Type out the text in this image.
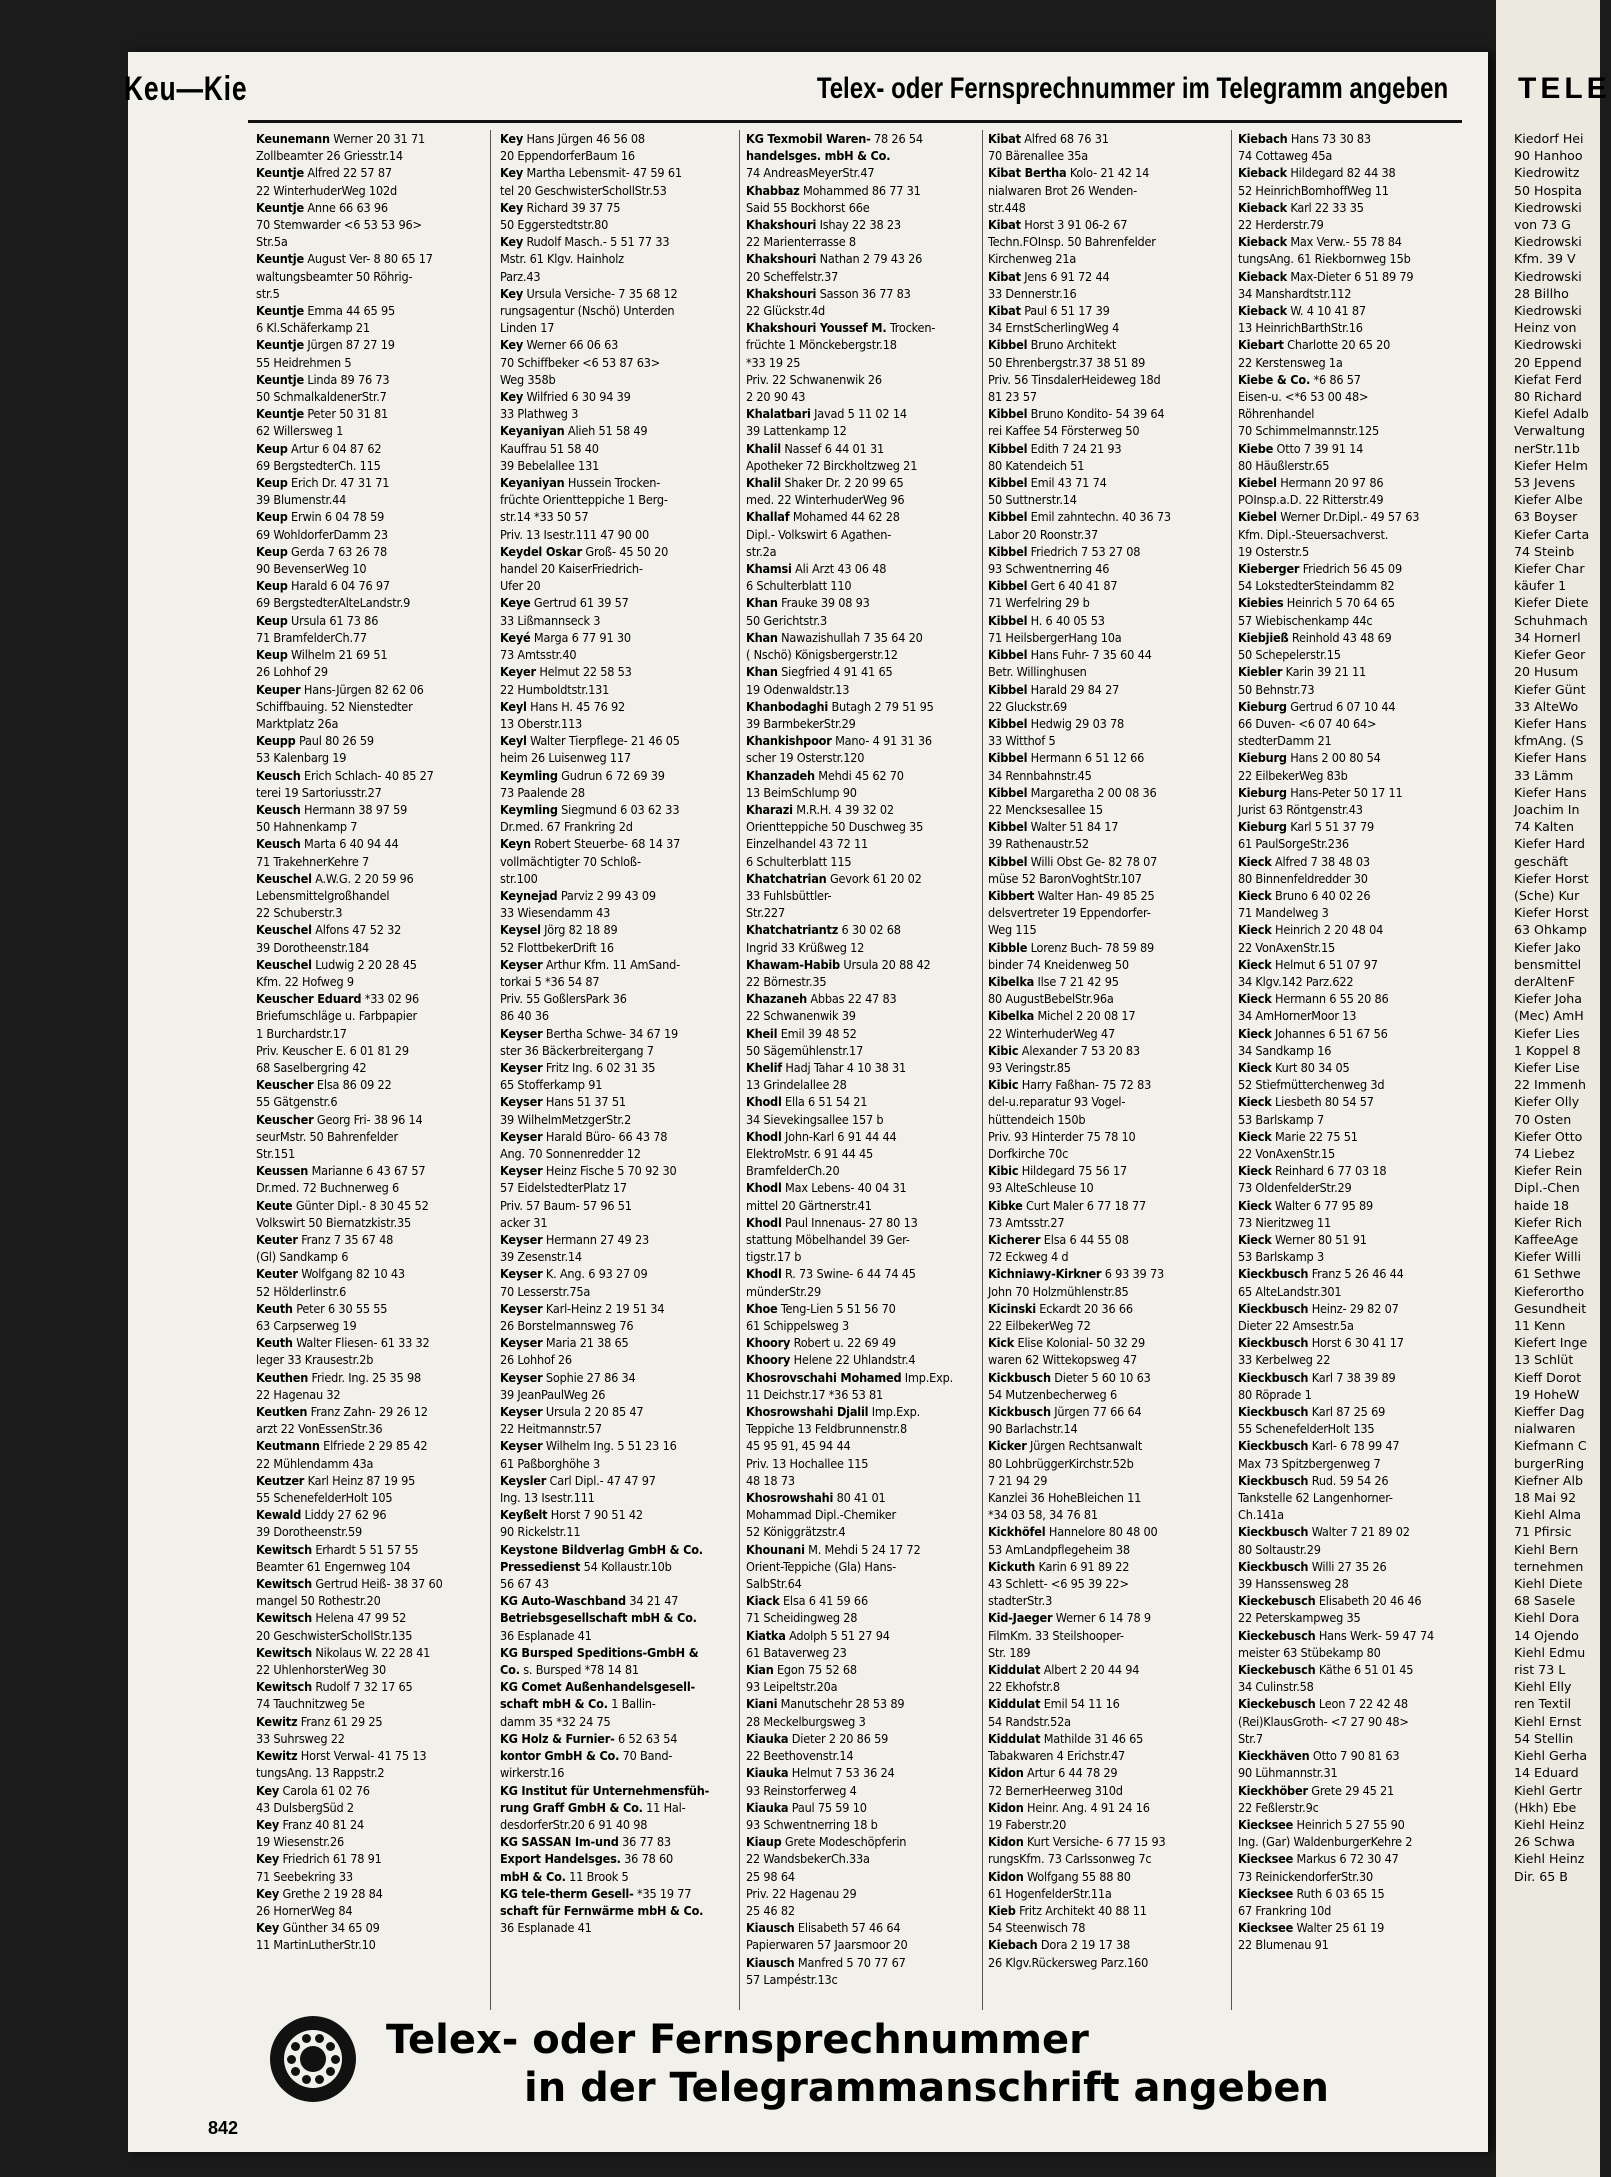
Keu—Kie	Telex- oder Fernsprechnummer im Telegramm angeben
Keunemann Werner 20 31 71
Zollbeamter 26 Griesstr.14
Keuntje Alfred 22 57 87
22 WinterhuderWeg 102d
Keuntje Anne 66 63 96
70 Stemwarder <6 53 53 96>
Str.5a
Keuntje August Ver- 8 80 65 17
waltungsbeamter 50 Röhrig-
str.5
Keuntje Emma 44 65 95
6 Kl.Schäferkamp 21
Keuntje Jürgen 87 27 19
55 Heidrehmen 5
Keuntje Linda 89 76 73
50 SchmalkaldenerStr.7
Keuntje Peter 50 31 81
62 Willersweg 1
Keup Artur 6 04 87 62
69 BergstedterCh. 115
Keup Erich Dr. 47 31 71
39 Blumenstr.44
Keup Erwin 6 04 78 59
69 WohldorferDamm 23
Keup Gerda 7 63 26 78
90 BevenserWeg 10
Keup Harald 6 04 76 97
69 BergstedterAlteLandstr.9
Keup Ursula 61 73 86
71 BramfelderCh.77
Keup Wilhelm 21 69 51
26 Lohhof 29
Keuper Hans-Jürgen 82 62 06
Schiffbauing. 52 Nienstedter
Marktplatz 26a
Keupp Paul 80 26 59
53 Kalenbarg 19
Keusch Erich Schlach- 40 85 27
terei 19 Sartoriusstr.27
Keusch Hermann 38 97 59
50 Hahnenkamp 7
Keusch Marta 6 40 94 44
71 TrakehnerKehre 7
Keuschel A.W.G. 2 20 59 96
Lebensmittelgroßhandel
22 Schuberstr.3
Keuschel Alfons 47 52 32
39 Dorotheenstr.184
Keuschel Ludwig 2 20 28 45
Kfm. 22 Hofweg 9
Keuscher Eduard *33 02 96
Briefumschläge u. Farbpapier
1 Burchardstr.17
Priv. Keuscher E. 6 01 81 29
68 Saselbergring 42
Keuscher Elsa 86 09 22
55 Gätgenstr.6
Keuscher Georg Fri- 38 96 14
seurMstr. 50 Bahrenfelder
Str.151
Keussen Marianne 6 43 67 57
Dr.med. 72 Buchnerweg 6
Keute Günter Dipl.- 8 30 45 52
Volkswirt 50 Biernatzkistr.35
Keuter Franz 7 35 67 48
(Gl) Sandkamp 6
Keuter Wolfgang 82 10 43
52 Hölderlinstr.6
Keuth Peter 6 30 55 55
63 Carpserweg 19
Keuth Walter Fliesen- 61 33 32
leger 33 Krausestr.2b
Keuthen Friedr. Ing. 25 35 98
22 Hagenau 32
Keutken Franz Zahn- 29 26 12
arzt 22 VonEssenStr.36
Keutmann Elfriede 2 29 85 42
22 Mühlendamm 43a
Keutzer Karl Heinz 87 19 95
55 SchenefelderHolt 105
Kewald Liddy 27 62 96
39 Dorotheenstr.59
Kewitsch Erhardt 5 51 57 55
Beamter 61 Engernweg 104
Kewitsch Gertrud Heiß- 38 37 60
mangel 50 Rothestr.20
Kewitsch Helena 47 99 52
20 GeschwisterSchollStr.135
Kewitsch Nikolaus W. 22 28 41
22 UhlenhorsterWeg 30
Kewitsch Rudolf 7 32 17 65
74 Tauchnitzweg 5e
Kewitz Franz 61 29 25
33 Suhrsweg 22
Kewitz Horst Verwal- 41 75 13
tungsAng. 13 Rappstr.2
Key Carola 61 02 76
43 DulsbergSüd 2
Key Franz 40 81 24
19 Wiesenstr.26
Key Friedrich 61 78 91
71 Seebekring 33
Key Grethe 2 19 28 84
26 HornerWeg 84
Key Günther 34 65 09
11 MartinLutherStr.10
Key Hans Jürgen 46 56 08
20 EppendorferBaum 16
Key Martha Lebensmit- 47 59 61
tel 20 GeschwisterSchollStr.53
Key Richard 39 37 75
50 Eggerstedtstr.80
Key Rudolf Masch.- 5 51 77 33
Mstr. 61 Klgv. Hainholz
Parz.43
Key Ursula Versiche- 7 35 68 12
rungsagentur (Nschö) Unterden
Linden 17
Key Werner 66 06 63
70 Schiffbeker <6 53 87 63>
Weg 358b
Key Wilfried 6 30 94 39
33 Plathweg 3
Keyaniyan Alieh 51 58 49
Kauffrau 51 58 40
39 Bebelallee 131
Keyaniyan Hussein Trocken-
früchte Orientteppiche 1 Berg-
str.14 *33 50 57
Priv. 13 Isestr.111 47 90 00
Keydel Oskar Groß- 45 50 20
handel 20 KaiserFriedrich-
Ufer 20
Keye Gertrud 61 39 57
33 Lißmannseck 3
Keyé Marga 6 77 91 30
73 Amtsstr.40
Keyer Helmut 22 58 53
22 Humboldtstr.131
Keyl Hans H. 45 76 92
13 Oberstr.113
Keyl Walter Tierpflege- 21 46 05
heim 26 Luisenweg 117
Keymling Gudrun 6 72 69 39
73 Paalende 28
Keymling Siegmund 6 03 62 33
Dr.med. 67 Frankring 2d
Keyn Robert Steuerbe- 68 14 37
vollmächtigter 70 Schloß-
str.100
Keynejad Parviz 2 99 43 09
33 Wiesendamm 43
Keysel Jörg 82 18 89
52 FlottbekerDrift 16
Keyser Arthur Kfm. 11 AmSand-
torkai 5 *36 54 87
Priv. 55 GoßlersPark 36
86 40 36
Keyser Bertha Schwe- 34 67 19
ster 36 Bäckerbreitergang 7
Keyser Fritz Ing. 6 02 31 35
65 Stofferkamp 91
Keyser Hans 51 37 51
39 WilhelmMetzgerStr.2
Keyser Harald Büro- 66 43 78
Ang. 70 Sonnenredder 12
Keyser Heinz Fische 5 70 92 30
57 EidelstedterPlatz 17
Priv. 57 Baum- 57 96 51
acker 31
Keyser Hermann 27 49 23
39 Zesenstr.14
Keyser K. Ang. 6 93 27 09
70 Lesserstr.75a
Keyser Karl-Heinz 2 19 51 34
26 Borstelmannsweg 76
Keyser Maria 21 38 65
26 Lohhof 26
Keyser Sophie 27 86 34
39 JeanPaulWeg 26
Keyser Ursula 2 20 85 47
22 Heitmannstr.57
Keyser Wilhelm Ing. 5 51 23 16
61 Paßborghöhe 3
Keysler Carl Dipl.- 47 47 97
Ing. 13 Isestr.111
Keyßelt Horst 7 90 51 42
90 Rickelstr.11
Keystone Bildverlag GmbH & Co.
Pressedienst 54 Kollaustr.10b
56 67 43
KG Auto-Waschband 34 21 47
Betriebsgesellschaft mbH & Co.
36 Esplanade 41
KG Bursped Speditions-GmbH &
Co. s. Bursped *78 14 81
KG Comet Außenhandelsgesell-
schaft mbH & Co. 1 Ballin-
damm 35 *32 24 75
KG Holz & Furnier- 6 52 63 54
kontor GmbH & Co. 70 Band-
wirkerstr.16
KG Institut für Unternehmensfüh-
rung Graff GmbH & Co. 11 Hal-
desdorferStr.20 6 91 40 98
KG SASSAN Im-und 36 77 83
Export Handelsges. 36 78 60
mbH & Co. 11 Brook 5
KG tele-therm Gesell- *35 19 77
schaft für Fernwärme mbH & Co.
36 Esplanade 41
KG Texmobil Waren- 78 26 54
handelsges. mbH & Co.
74 AndreasMeyerStr.47
Khabbaz Mohammed 86 77 31
Said 55 Bockhorst 66e
Khakshouri Ishay 22 38 23
22 Marienterrasse 8
Khakshouri Nathan 2 79 43 26
20 Scheffelstr.37
Khakshouri Sasson 36 77 83
22 Glückstr.4d
Khakshouri Youssef M. Trocken-
früchte 1 Mönckebergstr.18
*33 19 25
Priv. 22 Schwanenwik 26
2 20 90 43
Khalatbari Javad 5 11 02 14
39 Lattenkamp 12
Khalil Nassef 6 44 01 31
Apotheker 72 Birckholtzweg 21
Khalil Shaker Dr. 2 20 99 65
med. 22 WinterhuderWeg 96
Khallaf Mohamed 44 62 28
Dipl.- Volkswirt 6 Agathen-
str.2a
Khamsi Ali Arzt 43 06 48
6 Schulterblatt 110
Khan Frauke 39 08 93
50 Gerichtstr.3
Khan Nawazishullah 7 35 64 20
( Nschö) Königsbergerstr.12
Khan Siegfried 4 91 41 65
19 Odenwaldstr.13
Khanbodaghi Butagh 2 79 51 95
39 BarmbekerStr.29
Khankishpoor Mano- 4 91 31 36
scher 19 Osterstr.120
Khanzadeh Mehdi 45 62 70
13 BeimSchlump 90
Kharazi M.R.H. 4 39 32 02
Orientteppiche 50 Duschweg 35
Einzelhandel 43 72 11
6 Schulterblatt 115
Khatchatrian Gevork 61 20 02
33 Fuhlsbüttler-
Str.227
Khatchatriantz 6 30 02 68
Ingrid 33 Krüßweg 12
Khawam-Habib Ursula 20 88 42
22 Börnestr.35
Khazaneh Abbas 22 47 83
22 Schwanenwik 39
Kheil Emil 39 48 52
50 Sägemühlenstr.17
Khelif Hadj Tahar 4 10 38 31
13 Grindelallee 28
Khodl Ella 6 51 54 21
34 Sievekingsallee 157 b
Khodl John-Karl 6 91 44 44
ElektroMstr. 6 91 44 45
BramfelderCh.20
Khodl Max Lebens- 40 04 31
mittel 20 Gärtnerstr.41
Khodl Paul Innenaus- 27 80 13
stattung Möbelhandel 39 Ger-
tigstr.17 b
Khodl R. 73 Swine- 6 44 74 45
münderStr.29
Khoe Teng-Lien 5 51 56 70
61 Schippelsweg 3
Khoory Robert u. 22 69 49
Khoory Helene 22 Uhlandstr.4
Khosrovschahi Mohamed Imp.Exp.
11 Deichstr.17 *36 53 81
Khosrowshahi Djalil Imp.Exp.
Teppiche 13 Feldbrunnenstr.8
45 95 91, 45 94 44
Priv. 13 Hochallee 115
48 18 73
Khosrowshahi 80 41 01
Mohammad Dipl.-Chemiker
52 Königgrätzstr.4
Khounani M. Mehdi 5 24 17 72
Orient-Teppiche (Gla) Hans-
SalbStr.64
Kiack Elsa 6 41 59 66
71 Scheidingweg 28
Kiatka Adolph 5 51 27 94
61 Bataverweg 23
Kian Egon 75 52 68
93 Leipeltstr.20a
Kiani Manutschehr 28 53 89
28 Meckelburgsweg 3
Kiauka Dieter 2 20 86 59
22 Beethovenstr.14
Kiauka Helmut 7 53 36 24
93 Reinstorferweg 4
Kiauka Paul 75 59 10
93 Schwentnerring 18 b
Kiaup Grete Modeschöpferin
22 WandsbekerCh.33a
25 98 64
Priv. 22 Hagenau 29
25 46 82
Kiausch Elisabeth 57 46 64
Papierwaren 57 Jaarsmoor 20
Kiausch Manfred 5 70 77 67
57 Lampéstr.13c
Kibat Alfred 68 76 31
70 Bärenallee 35a
Kibat Bertha Kolo- 21 42 14
nialwaren Brot 26 Wenden-
str.448
Kibat Horst 3 91 06-2 67
Techn.FOInsp. 50 Bahrenfelder
Kirchenweg 21a
Kibat Jens 6 91 72 44
33 Dennerstr.16
Kibat Paul 6 51 17 39
34 ErnstScherlingWeg 4
Kibbel Bruno Architekt
50 Ehrenbergstr.37 38 51 89
Priv. 56 TinsdalerHeideweg 18d
81 23 57
Kibbel Bruno Kondito- 54 39 64
rei Kaffee 54 Försterweg 50
Kibbel Edith 7 24 21 93
80 Katendeich 51
Kibbel Emil 43 71 74
50 Suttnerstr.14
Kibbel Emil zahntechn. 40 36 73
Labor 20 Roonstr.37
Kibbel Friedrich 7 53 27 08
93 Schwentnerring 46
Kibbel Gert 6 40 41 87
71 Werfelring 29 b
Kibbel H. 6 40 05 53
71 HeilsbergerHang 10a
Kibbel Hans Fuhr- 7 35 60 44
Betr. Willinghusen
Kibbel Harald 29 84 27
22 Gluckstr.69
Kibbel Hedwig 29 03 78
33 Witthof 5
Kibbel Hermann 6 51 12 66
34 Rennbahnstr.45
Kibbel Margaretha 2 00 08 36
22 Mencksesallee 15
Kibbel Walter 51 84 17
39 Rathenaustr.52
Kibbel Willi Obst Ge- 82 78 07
müse 52 BaronVoghtStr.107
Kibbert Walter Han- 49 85 25
delsvertreter 19 Eppendorfer-
Weg 115
Kibble Lorenz Buch- 78 59 89
binder 74 Kneidenweg 50
Kibelka Ilse 7 21 42 95
80 AugustBebelStr.96a
Kibelka Michel 2 20 08 17
22 WinterhuderWeg 47
Kibic Alexander 7 53 20 83
93 Veringstr.85
Kibic Harry Faßhan- 75 72 83
del-u.reparatur 93 Vogel-
hüttendeich 150b
Priv. 93 Hinterder 75 78 10
Dorfkirche 70c
Kibic Hildegard 75 56 17
93 AlteSchleuse 10
Kibke Curt Maler 6 77 18 77
73 Amtsstr.27
Kicherer Elsa 6 44 55 08
72 Eckweg 4 d
Kichniawy-Kirkner 6 93 39 73
John 70 Holzmühlenstr.85
Kicinski Eckardt 20 36 66
22 EilbekerWeg 72
Kick Elise Kolonial- 50 32 29
waren 62 Wittekopsweg 47
Kickbusch Dieter 5 60 10 63
54 Mutzenbecherweg 6
Kickbusch Jürgen 77 66 64
90 Barlachstr.14
Kicker Jürgen Rechtsanwalt
80 LohbrüggerKirchstr.52b
7 21 94 29
Kanzlei 36 HoheBleichen 11
*34 03 58, 34 76 81
Kickhöfel Hannelore 80 48 00
53 AmLandpflegeheim 38
Kickuth Karin 6 91 89 22
43 Schlett- <6 95 39 22>
stadterStr.3
Kid-Jaeger Werner 6 14 78 9
FilmKm. 33 Steilshooper-
Str. 189
Kiddulat Albert 2 20 44 94
22 Ekhofstr.8
Kiddulat Emil 54 11 16
54 Randstr.52a
Kiddulat Mathilde 31 46 65
Tabakwaren 4 Erichstr.47
Kidon Artur 6 44 78 29
72 BernerHeerweg 310d
Kidon Heinr. Ang. 4 91 24 16
19 Faberstr.20
Kidon Kurt Versiche- 6 77 15 93
rungsKfm. 73 Carlssonweg 7c
Kidon Wolfgang 55 88 80
61 HogenfelderStr.11a
Kieb Fritz Architekt 40 88 11
54 Steenwisch 78
Kiebach Dora 2 19 17 38
26 Klgv.Rückersweg Parz.160
Kiebach Hans 73 30 83
74 Cottaweg 45a
Kieback Hildegard 82 44 38
52 HeinrichBomhoffWeg 11
Kieback Karl 22 33 35
22 Herderstr.79
Kieback Max Verw.- 55 78 84
tungsAng. 61 Riekbornweg 15b
Kieback Max-Dieter 6 51 89 79
34 Manshardtstr.112
Kieback W. 4 10 41 87
13 HeinrichBarthStr.16
Kiebart Charlotte 20 65 20
22 Kerstensweg 1a
Kiebe & Co. *6 86 57
Eisen-u. <*6 53 00 48>
Röhrenhandel
70 Schimmelmannstr.125
Kiebe Otto 7 39 91 14
80 Häußlerstr.65
Kiebel Hermann 20 97 86
POInsp.a.D. 22 Ritterstr.49
Kiebel Werner Dr.Dipl.- 49 57 63
Kfm. Dipl.-Steuersachverst.
19 Osterstr.5
Kieberger Friedrich 56 45 09
54 LokstedterSteindamm 82
Kiebies Heinrich 5 70 64 65
57 Wiebischenkamp 44c
Kiebjieß Reinhold 43 48 69
50 Schepelerstr.15
Kiebler Karin 39 21 11
50 Behnstr.73
Kieburg Gertrud 6 07 10 44
66 Duven- <6 07 40 64>
stedterDamm 21
Kieburg Hans 2 00 80 54
22 EilbekerWeg 83b
Kieburg Hans-Peter 50 17 11
Jurist 63 Röntgenstr.43
Kieburg Karl 5 51 37 79
61 PaulSorgeStr.236
Kieck Alfred 7 38 48 03
80 Binnenfeldredder 30
Kieck Bruno 6 40 02 26
71 Mandelweg 3
Kieck Heinrich 2 20 48 04
22 VonAxenStr.15
Kieck Helmut 6 51 07 97
34 Klgv.142 Parz.622
Kieck Hermann 6 55 20 86
34 AmHornerMoor 13
Kieck Johannes 6 51 67 56
34 Sandkamp 16
Kieck Kurt 80 34 05
52 Stiefmütterchenweg 3d
Kieck Liesbeth 80 54 57
53 Barlskamp 7
Kieck Marie 22 75 51
22 VonAxenStr.15
Kieck Reinhard 6 77 03 18
73 OldenfelderStr.29
Kieck Walter 6 77 95 89
73 Nieritzweg 11
Kieck Werner 80 51 91
53 Barlskamp 3
Kieckbusch Franz 5 26 46 44
65 AlteLandstr.301
Kieckbusch Heinz- 29 82 07
Dieter 22 Amsestr.5a
Kieckbusch Horst 6 30 41 17
33 Kerbelweg 22
Kieckbusch Karl 7 38 39 89
80 Röprade 1
Kieckbusch Karl 87 25 69
55 SchenefelderHolt 135
Kieckbusch Karl- 6 78 99 47
Max 73 Spitzbergenweg 7
Kieckbusch Rud. 59 54 26
Tankstelle 62 Langenhorner-
Ch.141a
Kieckbusch Walter 7 21 89 02
80 Soltaustr.29
Kieckbusch Willi 27 35 26
39 Hanssensweg 28
Kieckebusch Elisabeth 20 46 46
22 Peterskampweg 35
Kieckebusch Hans Werk- 59 47 74
meister 63 Stübekamp 80
Kieckebusch Käthe 6 51 01 45
34 Culinstr.58
Kieckebusch Leon 7 22 42 48
(Rei)KlausGroth- <7 27 90 48>
Str.7
Kieckhäven Otto 7 90 81 63
90 Lühmannstr.31
Kieckhöber Grete 29 45 21
22 Feßlerstr.9c
Kiecksee Heinrich 5 27 55 90
Ing. (Gar) WaldenburgerKehre 2
Kiecksee Markus 6 72 30 47
73 ReinickendorferStr.30
Kiecksee Ruth 6 03 65 15
67 Frankring 10d
Kiecksee Walter 25 61 19
22 Blumenau 91
TELE
Kiedorf Hei
90 Hanhoo
Kiedrowitz
50 Hospita
Kiedrowski
von 73 G
Kiedrowski
Kfm. 39 V
Kiedrowski
28 Billho
Kiedrowski
Heinz von
Kiedrowski
20 Eppend
Kiefat Ferd
80 Richard
Kiefel Adalb
Verwaltung
nerStr.11b
Kiefer Helm
53 Jevens
Kiefer Albe
63 Boyser
Kiefer Carta
74 Steinb
Kiefer Char
käufer 1
Kiefer Diete
Schuhmach
34 Hornerl
Kiefer Geor
20 Husum
Kiefer Günt
33 AlteWo
Kiefer Hans
kfmAng. (S
Kiefer Hans
33 Lämm
Kiefer Hans
Joachim In
74 Kalten
Kiefer Hard
geschäft
Kiefer Horst
(Sche) Kur
Kiefer Horst
63 Ohkamp
Kiefer Jako
bensmittel
derAltenF
Kiefer Joha
(Mec) AmH
Kiefer Lies
1 Koppel 8
Kiefer Lise
22 Immenh
Kiefer Olly
70 Osten
Kiefer Otto
74 Liebez
Kiefer Rein
Dipl.-Chen
haide 18
Kiefer Rich
KaffeeAge
Kiefer Willi
61 Sethwe
Kieferortho
Gesundheit
11 Kenn
Kiefert Inge
13 Schlüt
Kieff Dorot
19 HoheW
Kieffer Dag
nialwaren
Kiefmann C
burgerRing
Kiefner Alb
18 Mai 92
Kiehl Alma
71 Pfirsic
Kiehl Bern
ternehmen
Kiehl Diete
68 Sasele
Kiehl Dora
14 Ojendo
Kiehl Edmu
rist 73 L
Kiehl Elly
ren Textil
Kiehl Ernst
54 Stellin
Kiehl Gerha
14 Eduard
Kiehl Gertr
(Hkh) Ebe
Kiehl Heinz
26 Schwa
Kiehl Heinz
Dir. 65 B
Telex- oder Fernsprechnummer
in der Telegrammanschrift angeben
842
